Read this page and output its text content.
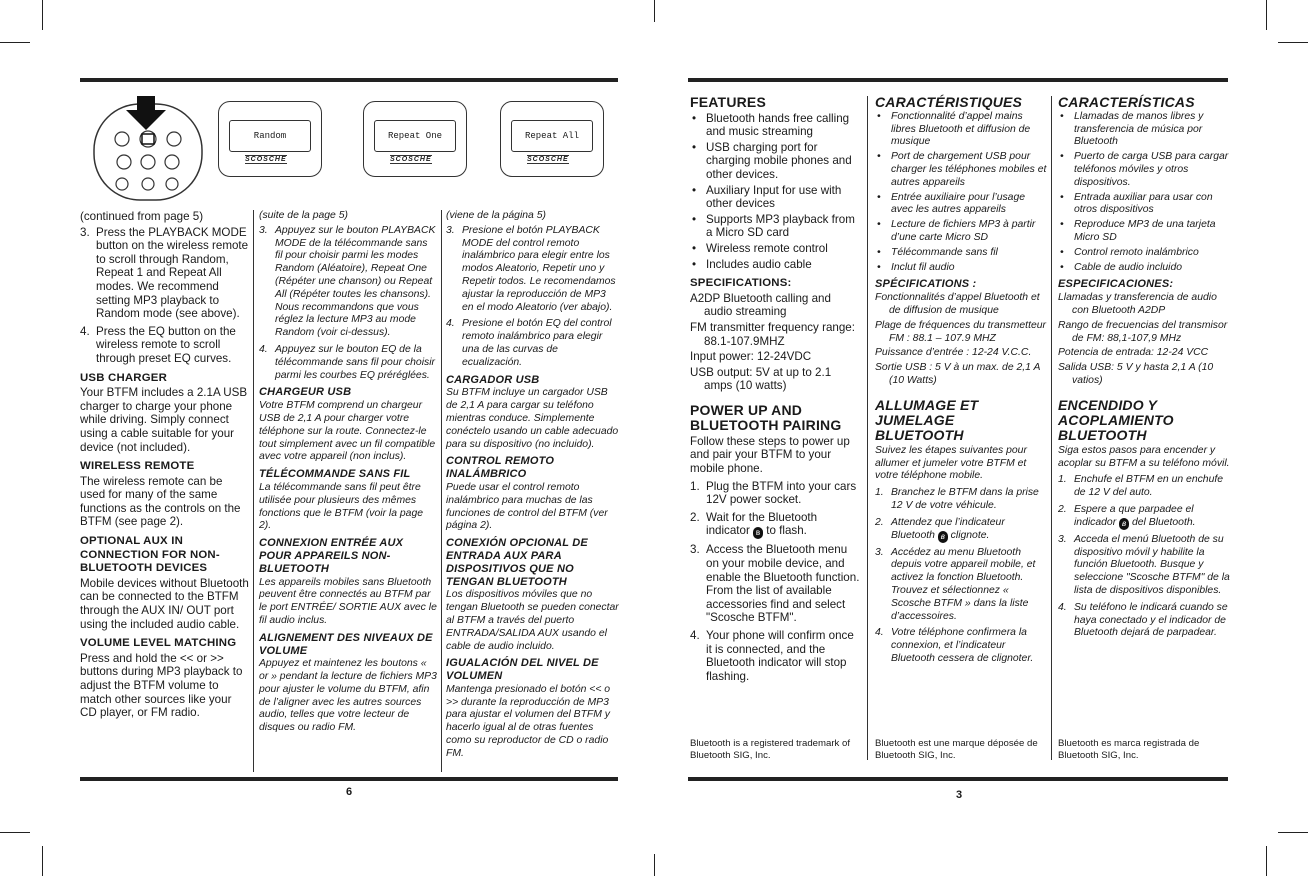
Random
SCOSCHE
Repeat One
SCOSCHE
Repeat All
SCOSCHE

(continued from page 5)

3. Press the PLAYBACK MODE button on the wireless remote to scroll through Random, Repeat 1 and Repeat All modes. We recommend setting MP3 playback to Random mode (see above).
4. Press the EQ button on the wireless remote to scroll through preset EQ curves.
USB CHARGER

Your BTFM includes a 2.1A USB charger to charge your phone while driving. Simply connect using a cable suitable for your device (not included).

WIRELESS REMOTE

The wireless remote can be used for many of the same functions as the controls on the BTFM (see page 2).

OPTIONAL AUX IN CONNECTION FOR NON-BLUETOOTH DEVICES

Mobile devices without Bluetooth can be connected to the BTFM through the AUX IN/ OUT port using the included audio cable.

VOLUME LEVEL MATCHING

Press and hold the << or >> buttons during MP3 playback to adjust the BTFM volume to match other sources like your CD player, or FM radio.

(suite de la page 5)

3. Appuyez sur le bouton PLAYBACK MODE de la télécommande sans fil pour choisir parmi les modes Random (Aléatoire), Repeat One (Répéter une chanson) ou Repeat All (Répéter toutes les chansons). Nous recommandons que vous réglez la lecture MP3 au mode Random (voir ci-dessus).
4. Appuyez sur le bouton EQ de la télécommande sans fil pour choisir parmi les courbes EQ préréglées.
CHARGEUR USB

Votre BTFM comprend un chargeur USB de 2,1 A pour charger votre téléphone sur la route. Connectez-le tout simplement avec un fil compatible avec votre appareil (non inclus).

TÉLÉCOMMANDE SANS FIL

La télécommande sans fil peut être utilisée pour plusieurs des mêmes fonctions que le BTFM (voir la page 2).

CONNEXION ENTRÉE AUX POUR APPAREILS NON-BLUETOOTH

Les appareils mobiles sans Bluetooth peuvent être connectés au BTFM par le port ENTRÉE/ SORTIE AUX avec le fil audio inclus.

ALIGNEMENT DES NIVEAUX DE VOLUME

Appuyez et maintenez les boutons « or » pendant la lecture de fichiers MP3 pour ajuster le volume du BTFM, afin de l’aligner avec les autres sources audio, telles que votre lecteur de disques ou radio FM.

(viene de la página 5)

3. Presione el botón PLAYBACK MODE del control remoto inalámbrico para elegir entre los modos Aleatorio, Repetir uno y Repetir todos. Le recomendamos ajustar la reproducción de MP3 en el modo Aleatorio (ver abajo).
4. Presione el botón EQ del control remoto inalámbrico para elegir una de las curvas de ecualización.
CARGADOR USB

Su BTFM incluye un cargador USB de 2,1 A para cargar su teléfono mientras conduce. Simplemente conéctelo usando un cable adecuado para su dispositivo (no incluido).

CONTROL REMOTO INALÁMBRICO

Puede usar el control remoto inalámbrico para muchas de las funciones de control del BTFM (ver página 2).

CONEXIÓN OPCIONAL DE ENTRADA AUX PARA DISPOSITIVOS QUE NO TENGAN BLUETOOTH

Los dispositivos móviles que no tengan Bluetooth se pueden conectar al BTFM a través del puerto ENTRADA/SALIDA AUX usando el cable de audio incluido.

IGUALACIÓN DEL NIVEL DE VOLUMEN

Mantenga presionado el botón << o >> durante la reproducción de MP3 para ajustar el volumen del BTFM y hacerlo igual al de otras fuentes como su reproductor de CD o radio FM.

6
FEATURES
• Bluetooth hands free calling and music streaming
• USB charging port for charging mobile phones and other devices.
• Auxiliary Input for use with other devices
• Supports MP3 playback from a Micro SD card
• Wireless remote control
• Includes audio cable
SPECIFICATIONS:

A2DP Bluetooth calling and audio streaming

FM transmitter frequency range: 88.1-107.9MHZ

Input power: 12-24VDC

USB output: 5V at up to 2.1 amps (10 watts)

POWER UP AND BLUETOOTH PAIRING

Follow these steps to power up and pair your BTFM to your mobile phone.

1. Plug the BTFM into your cars 12V power socket.
2. Wait for the Bluetooth indicator ʙ to flash.
3. Access the Bluetooth menu on your mobile device, and enable the Bluetooth function. From the list of available accessories find and select "Scosche BTFM".
4. Your phone will confirm once it is connected, and the Bluetooth indicator will stop flashing.
Bluetooth is a registered trademark of Bluetooth SIG, Inc.
CARACTÉRISTIQUES
• Fonctionnalité d’appel mains libres Bluetooth et diffusion de musique
• Port de chargement USB pour charger les téléphones mobiles et autres appareils
• Entrée auxiliaire pour l’usage avec les autres appareils
• Lecture de fichiers MP3 à partir d’une carte Micro SD
• Télécommande sans fil
• Inclut fil audio
SPÉCIFICATIONS :

Fonctionnalités d’appel Bluetooth et de diffusion de musique

Plage de fréquences du transmetteur FM : 88.1 – 107.9 MHZ

Puissance d’entrée : 12-24 V.C.C.

Sortie USB : 5 V à un max. de 2,1 A (10 Watts)

ALLUMAGE ET JUMELAGE BLUETOOTH

Suivez les étapes suivantes pour allumer et jumeler votre BTFM et votre téléphone mobile.

1. Branchez le BTFM dans la prise 12 V de votre véhicule.
2. Attendez que l’indicateur Bluetooth ʙ clignote.
3. Accédez au menu Bluetooth depuis votre appareil mobile, et activez la fonction Bluetooth. Trouvez et sélectionnez « Scosche BTFM » dans la liste d’accessoires.
4. Votre téléphone confirmera la connexion, et l’indicateur Bluetooth cessera de clignoter.
Bluetooth est une marque déposée de Bluetooth SIG, Inc.
CARACTERÍSTICAS
• Llamadas de manos libres y transferencia de música por Bluetooth
• Puerto de carga USB para cargar teléfonos móviles y otros dispositivos.
• Entrada auxiliar para usar con otros dispositivos
• Reproduce MP3 de una tarjeta Micro SD
• Control remoto inalámbrico
• Cable de audio incluido
ESPECIFICACIONES:

Llamadas y transferencia de audio con Bluetooth A2DP

Rango de frecuencias del transmisor de FM: 88,1-107,9 MHz

Potencia de entrada: 12-24 VCC

Salida USB: 5 V y hasta 2,1 A (10 vatios)

ENCENDIDO Y ACOPLAMIENTO BLUETOOTH

Siga estos pasos para encender y acoplar su BTFM a su teléfono móvil.

1. Enchufe el BTFM en un enchufe de 12 V del auto.
2. Espere a que parpadee el indicador ʙ del Bluetooth.
3. Acceda el menú Bluetooth de su dispositivo móvil y habilite la función Bluetooth. Busque y seleccione "Scosche BTFM" de la lista de dispositivos disponibles.
4. Su teléfono le indicará cuando se haya conectado y el indicador de Bluetooth dejará de parpadear.
Bluetooth es marca registrada de Bluetooth SIG, Inc.
3
